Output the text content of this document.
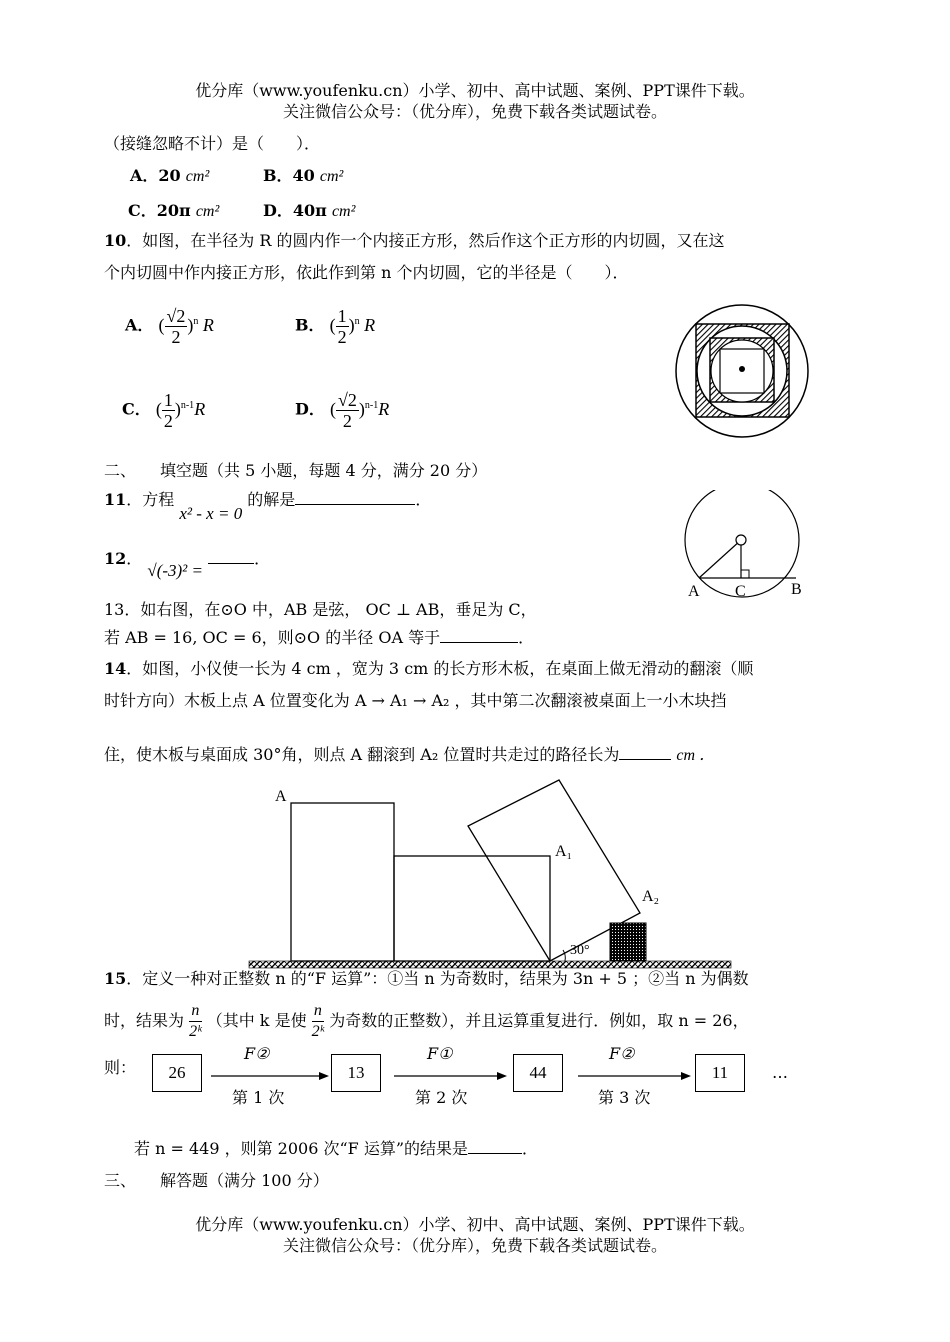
优分库（www.youfenku.cn）小学、初中、高中试题、案例、PPT课件下载。
关注微信公众号：（优分库），免费下载各类试题试卷。
（接缝忽略不计）是（　　）．
A．20 cm²	B．40 cm²
C．20π cm²	D．40π cm²
10．如图，在半径为 R 的圆内作一个内接正方形，然后作这个正方形的内切圆，又在这
个内切圆中作内接正方形，依此作到第 n 个内切圆，它的半径是（　　）．
A． ( $\frac{√2}{2} )^n$ R	B． ( $\frac{1}{2} )^n$ R
C． ( $\frac{1}{2} )^{n-1}R$	D． ( $\frac{√2}{2} )^{n-1}R$
二、　　填空题（共 5 小题，每题 4 分，满分 20 分）
11．方程 x² - x = 0 的解是	．
12． √(-3)² = ．
A C	B
13．如右图，在⊙O 中，AB 是弦， OC ⊥ AB，垂足为 C，
若 AB = 16, OC = 6，则⊙O 的半径 OA 等于	．
14．如图，小仪使一长为 4 cm ，宽为 3 cm 的长方形木板，在桌面上做无滑动的翻滚（顺
时针方向）木板上点 A 位置变化为 A → A₁ → A₂ ，其中第二次翻滚被桌面上一小木块挡
住，使木板与桌面成 30°角，则点 A 翻滚到 A₂ 位置时共走过的路径长为	cm ．
A
A₁
A₂
30°
15．定义一种对正整数 n 的“F 运算”：①当 n 为奇数时，结果为 3n + 5 ；②当 n 为偶数
时，结果为 $\frac{n}{\text{2ᵏ}}$ （其中 k 是使 $\frac{n}{\text{2ᵏ}}$ 为奇数的正整数），并且运算重复进行．例如，取 n = 26，
则：	26	13	44	11
F②	F①	F②
第 1 次	第 2 次	第 3 次
…
若 n = 449 ，则第 2006 次“F 运算”的结果是	．
三、　　解答题（满分 100 分）
优分库（www.youfenku.cn）小学、初中、高中试题、案例、PPT课件下载。
关注微信公众号：（优分库），免费下载各类试题试卷。
